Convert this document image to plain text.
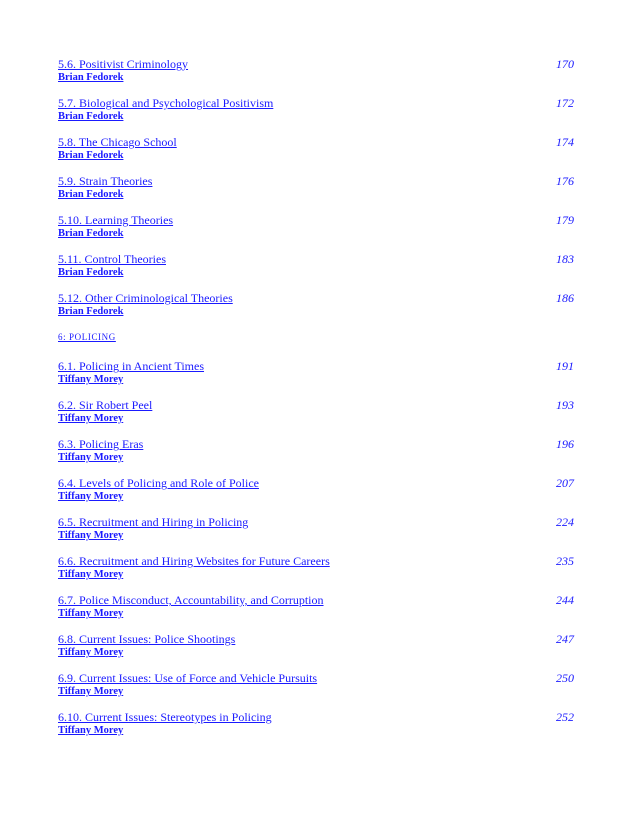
5.6. Positivist Criminology
Brian Fedorek
170
5.7. Biological and Psychological Positivism
Brian Fedorek
172
5.8. The Chicago School
Brian Fedorek
174
5.9. Strain Theories
Brian Fedorek
176
5.10. Learning Theories
Brian Fedorek
179
5.11. Control Theories
Brian Fedorek
183
5.12. Other Criminological Theories
Brian Fedorek
186
6: POLICING
6.1. Policing in Ancient Times
Tiffany Morey
191
6.2. Sir Robert Peel
Tiffany Morey
193
6.3. Policing Eras
Tiffany Morey
196
6.4. Levels of Policing and Role of Police
Tiffany Morey
207
6.5. Recruitment and Hiring in Policing
Tiffany Morey
224
6.6. Recruitment and Hiring Websites for Future Careers
Tiffany Morey
235
6.7. Police Misconduct, Accountability, and Corruption
Tiffany Morey
244
6.8. Current Issues: Police Shootings
Tiffany Morey
247
6.9. Current Issues: Use of Force and Vehicle Pursuits
Tiffany Morey
250
6.10. Current Issues: Stereotypes in Policing
Tiffany Morey
252
